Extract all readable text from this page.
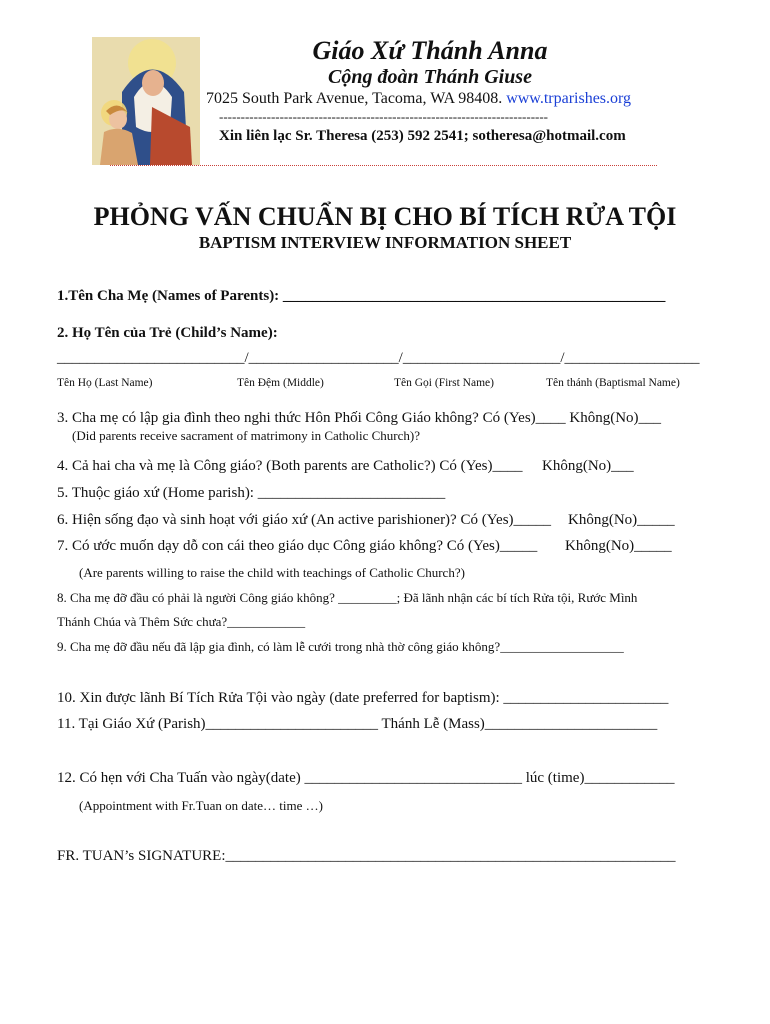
Giáo Xứ Thánh Anna
Cộng đoàn Thánh Giuse
7025 South Park Avenue, Tacoma, WA 98408. www.trparishes.org
----------------------------------------------------------------------------
Xin liên lạc Sr. Theresa (253) 592 2541; sotheresa@hotmail.com
PHỎNG VẤN CHUẨN BỊ CHO BÍ TÍCH RỬA TỘI
BAPTISM INTERVIEW INFORMATION SHEET
1.Tên Cha Mẹ (Names of Parents): ___________________________________________________
2. Họ Tên của Trẻ (Child’s Name):
_________________________/____________________/_____________________/__________________
Tên Họ (Last Name)	Tên Đệm (Middle)	Tên Gọi (First Name)	Tên thánh (Baptismal Name)
3. Cha mẹ có lập gia đình theo nghi thức Hôn Phối Công Giáo không? Có (Yes)____ Không(No)___
(Did parents receive sacrament of matrimony in Catholic Church)?
4. Cả hai cha và mẹ là Công giáo? (Both parents are Catholic?) Có (Yes)____ Không(No)___
5. Thuộc giáo xứ (Home parish): _________________________
6. Hiện sống đạo và sinh hoạt với giáo xứ (An active parishioner)? Có (Yes)_____ Không(No)_____
7. Có ước muốn dạy dỗ con cái theo giáo dục Công giáo không? Có (Yes)_____ Không(No)_____
(Are parents willing to raise the child with teachings of Catholic Church?)
8. Cha mẹ đỡ đầu có phải là người Công giáo không? _________; Đã lãnh nhận các bí tích Rửa tội, Rước Mình
Thánh Chúa và Thêm Sức chưa?____________
9. Cha mẹ đỡ đầu nếu đã lập gia đình, có làm lễ cưới trong nhà thờ công giáo không?___________________
10. Xin được lãnh Bí Tích Rửa Tội vào ngày (date preferred for baptism): ______________________
11. Tại Giáo Xứ (Parish)_______________________ Thánh Lễ (Mass)_______________________
12. Có hẹn với Cha Tuấn vào ngày(date) _____________________________ lúc (time)____________
(Appointment with Fr.Tuan on date… time …)
FR. TUAN’s SIGNATURE:____________________________________________________________
